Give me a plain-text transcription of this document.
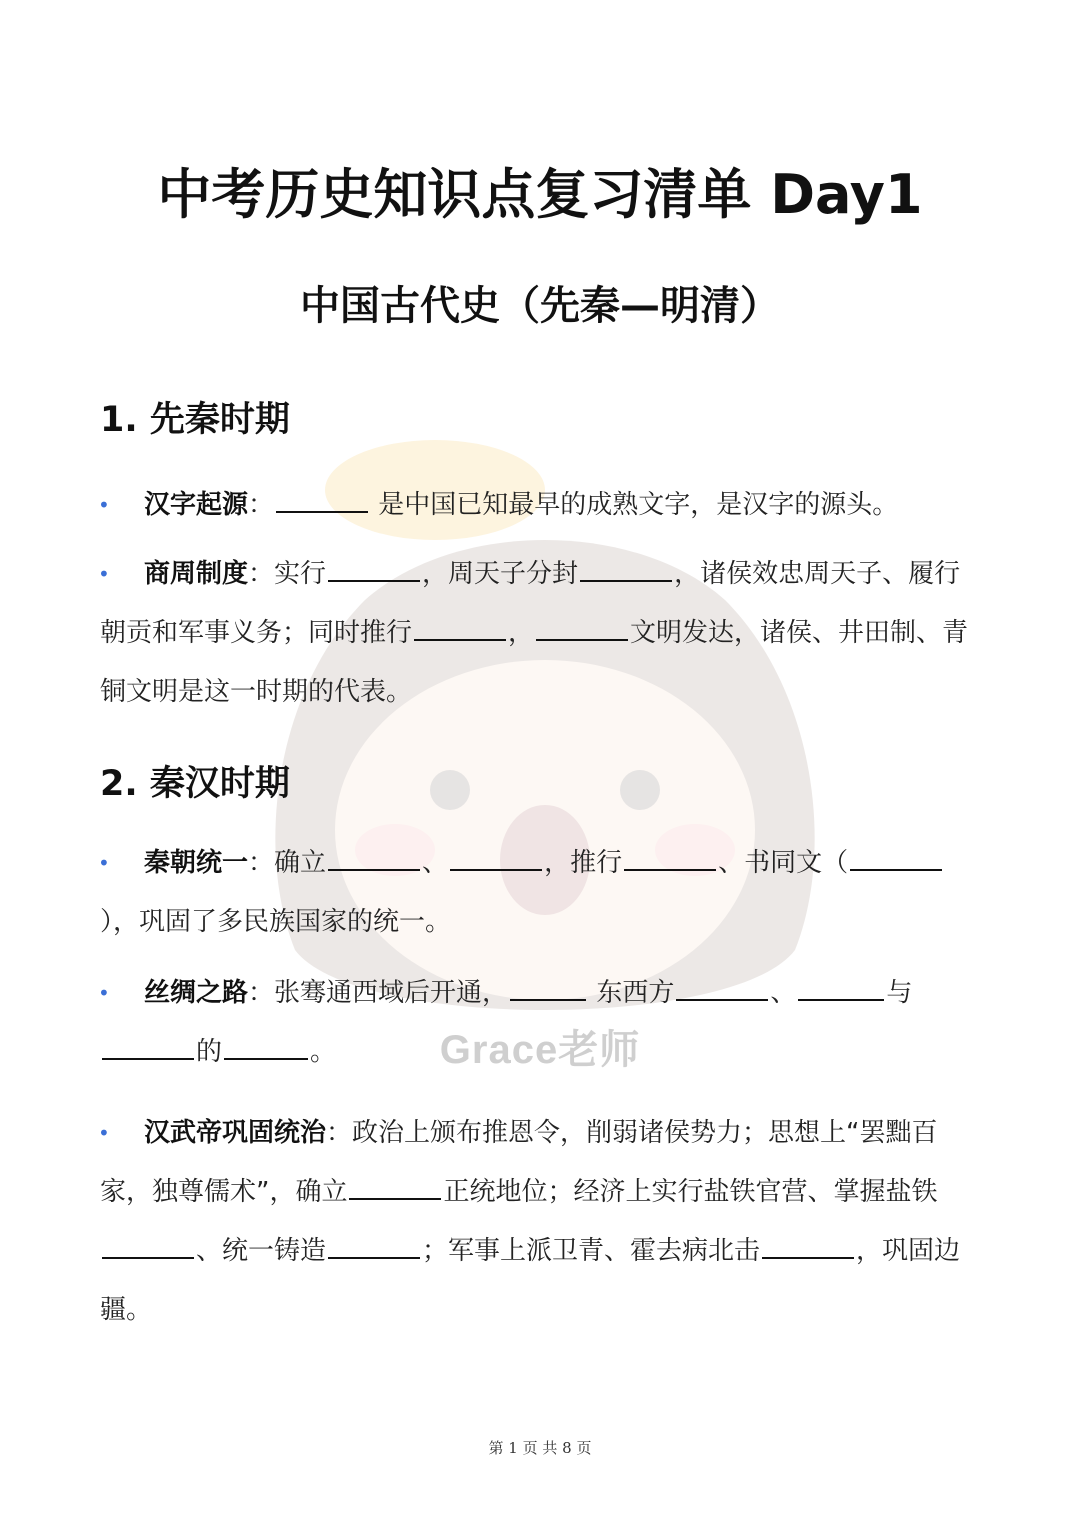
Grace老师
中考历史知识点复习清单 Day1
中国古代史（先秦—明清）
1. 先秦时期
•	汉字起源：	是中国已知最早的成熟文字，是汉字的源头。
•	商周制度：实行	，周天子分封	，诸侯效忠周天子、履行朝贡和军事义务；同时推行	，	文明发达，诸侯、井田制、青铜文明是这一时期的代表。
2. 秦汉时期
•	秦朝统一：确立	、	，推行	、书同文（），巩固了多民族国家的统一。
•	丝绸之路：张骞通西域后开通，	东西方	、	与的	。
•	汉武帝巩固统治：政治上颁布推恩令，削弱诸侯势力；思想上“罢黜百家，独尊儒术”，确立	正统地位；经济上实行盐铁官营、掌握盐铁、统一铸造	；军事上派卫青、霍去病北击	，巩固边疆。
第 1 页 共 8 页
